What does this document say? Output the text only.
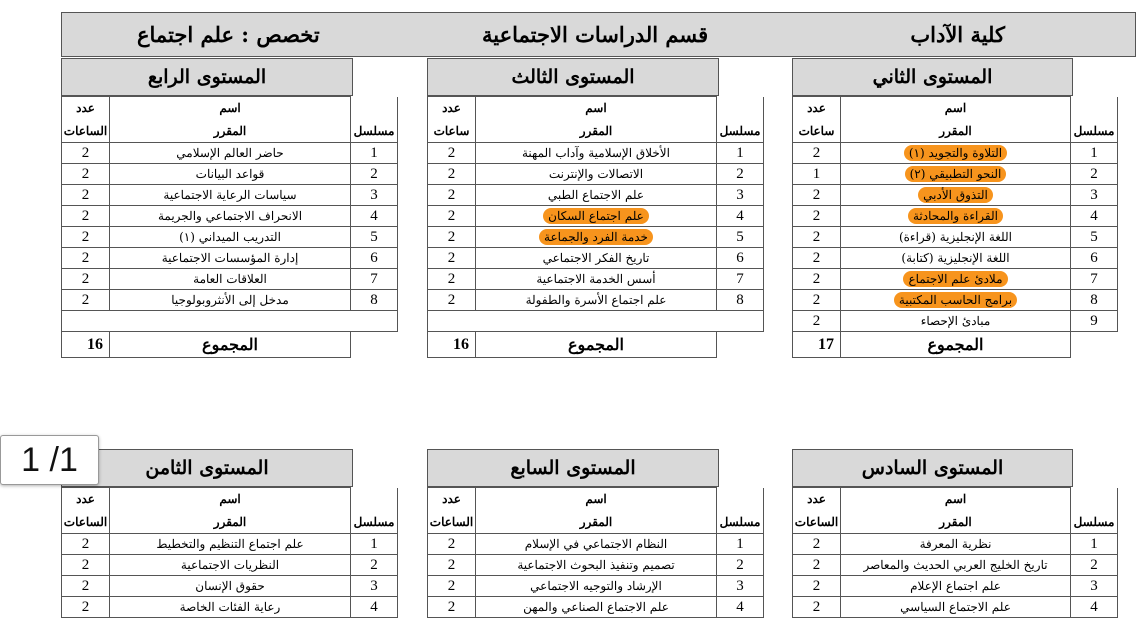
كلية الآداب
قسم الدراسات الاجتماعية
تخصص : علم اجتماع
المستوى الثاني
	اسم	عدد
مسلسل	المقرر	ساعات
1	التلاوة والتجويد (١)	2
2	النحو التطبيقي (٢)	1
3	التذوق الأدبي	2
4	القراءة والمحادثة	2
5	اللغة الإنجليزية (قراءة)	2
6	اللغة الإنجليزية (كتابة)	2
7	ملادئ علم الاجتماع	2
8	برامج الحاسب المكتبية	2
9	مبادئ الإحصاء	2
	المجموع	17
المستوى الثالث
	اسم	عدد
مسلسل	المقرر	ساعات
1	الأخلاق الإسلامية وآداب المهنة	2
2	الاتصالات والإنترنت	2
3	علم الاجتماع الطبي	2
4	علم اجتماع السكان	2
5	خدمة الفرد والجماعة	2
6	تاريخ الفكر الاجتماعي	2
7	أسس الخدمة الاجتماعية	2
8	علم اجتماع الأسرة والطفولة	2

	المجموع	16
المستوى الرابع
	اسم	عدد
مسلسل	المقرر	الساعات
1	حاضر العالم الإسلامي	2
2	قواعد البيانات	2
3	سياسات الرعاية الاجتماعية	2
4	الانحراف الاجتماعي والجريمة	2
5	التدريب الميداني (١)	2
6	إدارة المؤسسات الاجتماعية	2
7	العلاقات العامة	2
8	مدخل إلى الأنثروبولوجيا	2

	المجموع	16
المستوى السادس
	اسم	عدد
مسلسل	المقرر	الساعات
1	نظرية المعرفة	2
2	تاريخ الخليج العربي الحديث والمعاصر	2
3	علم اجتماع الإعلام	2
4	علم الاجتماع السياسي	2
المستوى السابع
	اسم	عدد
مسلسل	المقرر	الساعات
1	النظام الاجتماعي في الإسلام	2
2	تصميم وتنفيذ البحوث الاجتماعية	2
3	الإرشاد والتوجيه الاجتماعي	2
4	علم الاجتماع الصناعي والمهن	2
المستوى الثامن
	اسم	عدد
مسلسل	المقرر	الساعات
1	علم اجتماع التنظيم والتخطيط	2
2	النظريات الاجتماعية	2
3	حقوق الإنسان	2
4	رعاية الفئات الخاصة	2
1 /1
